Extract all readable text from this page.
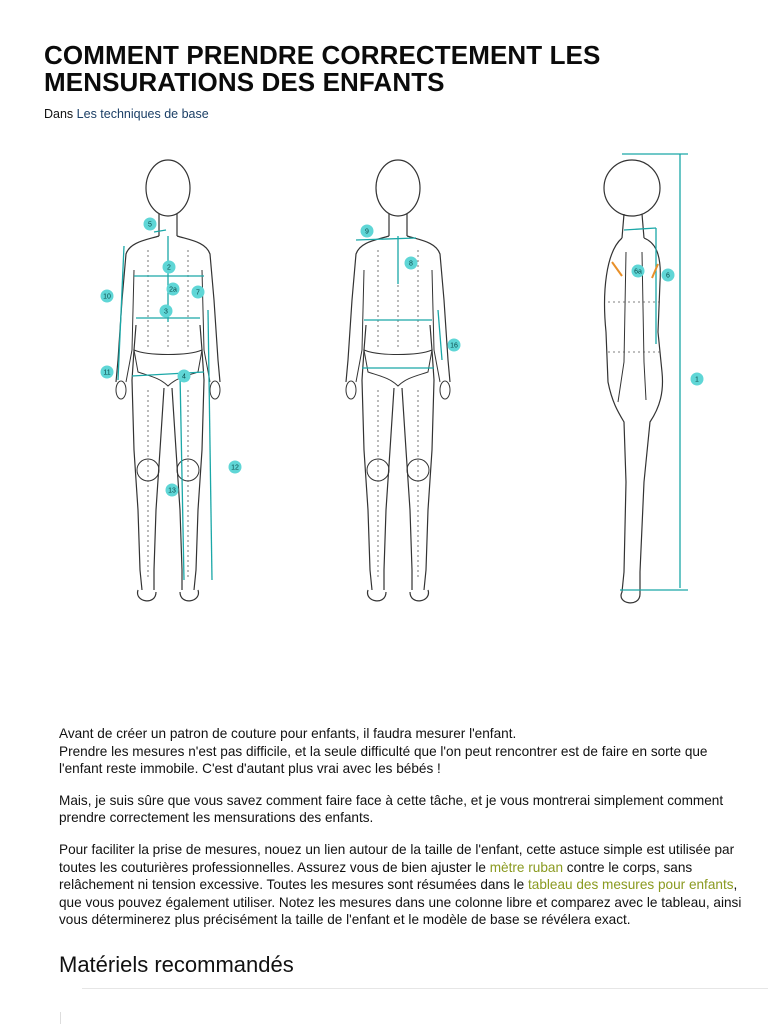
COMMENT PRENDRE CORRECTEMENT LES
MENSURATIONS DES ENFANTS
Dans Les techniques de base
5
2
2a	7
3
10
11
4
12
13
9
8
16
6a
6
1

Avant de créer un patron de couture pour enfants, il faudra mesurer l'enfant.
Prendre les mesures n'est pas difficile, et la seule difficulté que l'on peut rencontrer est de faire en sorte que l'enfant reste immobile. C'est d'autant plus vrai avec les bébés !

Mais, je suis sûre que vous savez comment faire face à cette tâche, et je vous montrerai simplement comment prendre correctement les mensurations des enfants.

Pour faciliter la prise de mesures, nouez un lien autour de la taille de l'enfant, cette astuce simple est utilisée par toutes les couturières professionnelles. Assurez vous de bien ajuster le mètre ruban contre le corps, sans relâchement ni tension excessive. Toutes les mesures sont résumées dans le tableau des mesures pour enfants, que vous pouvez également utiliser. Notez les mesures dans une colonne libre et comparez avec le tableau, ainsi vous déterminerez plus précisément la taille de l'enfant et le modèle de base se révélera exact.

Matériels recommandés
